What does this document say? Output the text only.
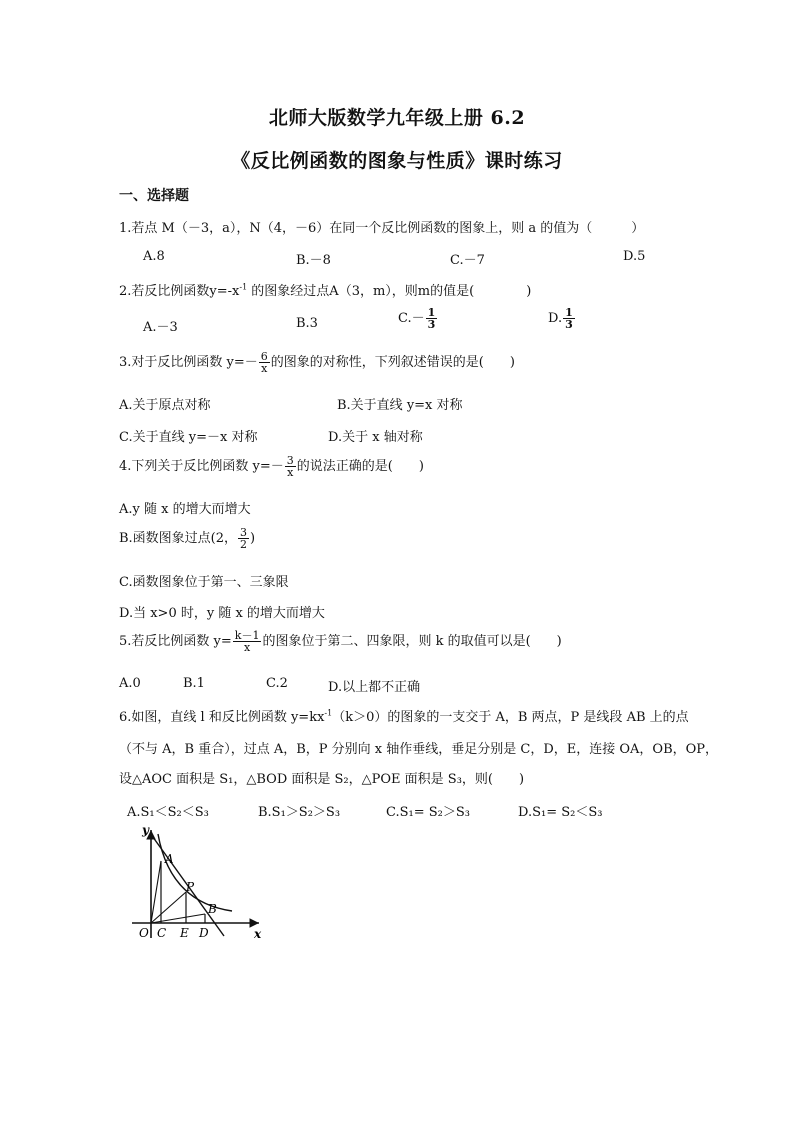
北师大版数学九年级上册 6.2
《反比例函数的图象与性质》课时练习
一、选择题
1.若点 M（－3，a），N（4，－6）在同一个反比例函数的图象上，则 a 的值为（　　　）
A.8	B.－8	C.－7	D.5
2.若反比例函数$y=-x^{-1}$ 的图象经过点A（3，m），则m的值是(　　　　)
A.－3	B.3	$C.- \frac{1}{3}$	D. $\frac{1}{3}$
3.对于反比例函数 $y=- \frac{6}{x}$ 的图象的对称性，下列叙述错误的是(　　)
A.关于原点对称	B.关于直线 y=x 对称
C.关于直线 y=－x 对称	D.关于 x 轴对称
4.下列关于反比例函数 $y=- \frac{3}{x}$ 的说法正确的是(　　)
A.y 随 x 的增大而增大
B.函数图象过点(2， $\frac{3}{2}$ )
C.函数图象位于第一、三象限
D.当 x>0 时，y 随 x 的增大而增大
5.若反比例函数 $y= \frac{k-1}{x}$ 的图象位于第二、四象限，则 k 的取值可以是(　　)
A.0	B.1	C.2	D.以上都不正确
6.如图，直线 l 和反比例函数 $y=kx^{-1}(k>0)$的图象的一支交于 A，B 两点，P 是线段 AB 上的点
（不与 A，B 重合），过点 A，B，P 分别向 x 轴作垂线，垂足分别是 C，D，E，连接 OA，OB，OP，
设△AOC 面积是 S₁，△BOD 面积是 S₂，△POE 面积是 S₃，则(　　)
A.S₁＜S₂＜S₃	B.S₁＞S₂＞S₃	C.S₁= S₂＞S₃	D.S₁= S₂＜S₃
y
x
O
A
P
B
C E D
